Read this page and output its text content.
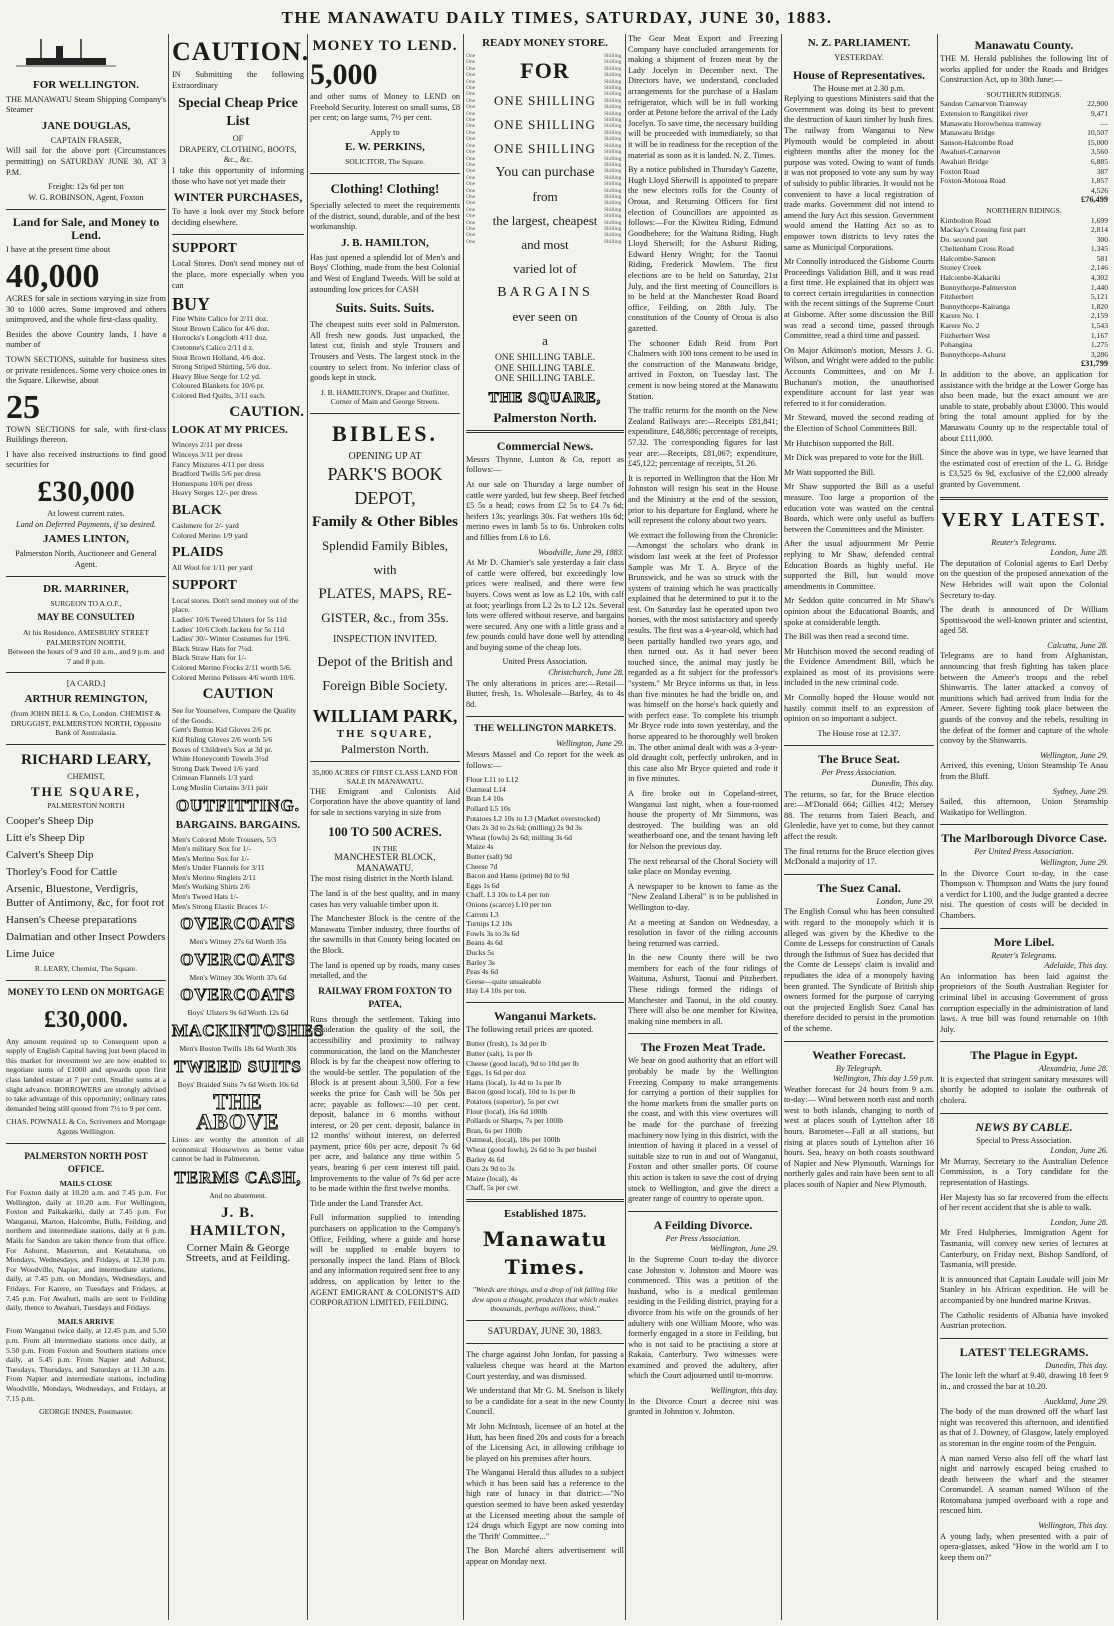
THE MANAWATU DAILY TIMES, SATURDAY, JUNE 30, 1883.
FOR WELLINGTON.

THE MANAWATU Steam Shipping Company's Steamer

JANE DOUGLAS,
CAPTAIN FRASER,

Will sail for the above port (Circumstances permitting) on SATURDAY JUNE 30, AT 3 P.M.

Freight: 12s 6d per ton
W. G. ROBINSON, Agent, Foxton
Land for Sale, and Money to Lend.

I have at the present time about

40,000

ACRES for sale in sections varying in size from 30 to 1000 acres. Some improved and others unimproved, and the whole first-class quality.

Besides the above Country lands, I have a number of

TOWN SECTIONS, suitable for business sites or private residences. Some very choice ones in the Square. Likewise, about

25

TOWN SECTIONS for sale, with first-class Buildings thereon.

I have also received instructions to find good securities for

£30,000
At lowest current rates.
Land on Deferred Payments, if so desired.
JAMES LINTON,
Palmerston North, Auctioneer and General Agent.
DR. MARRINER,
SURGEON TO A.O.F.,
MAY BE CONSULTED
At his Residence, AMESBURY STREET PALMERSTON NORTH,
Between the hours of 9 and 10 a.m., and 9 p.m. and 7 and 8 p.m.
[A CARD.]
ARTHUR REMINGTON,
(from JOHN BELL & Co, London. CHEMIST & DRUGGIST, PALMERSTON NORTH, Opposite Bank of Australasia.
RICHARD LEARY,
CHEMIST,
THE SQUARE,
PALMERSTON NORTH
Cooper's Sheep Dip
Litt e's Sheep Dip
Calvert's Sheep Dip
Thorley's Food for Cattle
Arsenic, Bluestone, Verdigris, Butter of Antimony, &c, for foot rot
Hansen's Cheese preparations
Dalmatian and other Insect Powders
Lime Juice
R. LEARY, Chemist, The Square.
MONEY TO LEND ON MORTGAGE
£30,000.

Any amount required up to Consequent upon a supply of English Capital having just been placed in this market for investment we are now enabled to negotiate sums of £1000 and upwards upon first class landed estate at 7 per cent. Smaller sums at a slight advance. BORROWERS are strongly advised to take advantage of this opportunity; ordinary rates demanded being still quoted from 7½ to 9 per cent.

CHAS. POWNALL & Co, Scriveners and Mortgage Agents Wellington.
PALMERSTON NORTH POST OFFICE.
MAILS CLOSE

For Foxton daily at 10.20 a.m. and 7.45 p.m. For Wellington, daily at 10.20 a.m. For Wellington, Foxton and Paikakariki, daily at 7.45 p.m. For Wanganui, Marton, Halcombe, Bulls, Feilding, and northern and intermediate stations, daily at 6 p.m. Mails for Sandon are taken thence from that office. For Ashurst, Masterton, and Ketatahuna, on Mondays, Wednesdays, and Fridays, at 12.30 p.m. For Woodville, Napier, and intermediate stations, daily, at 7.45 p.m. on Mondays, Wednesdays, and Fridays. For Karere, on Tuesdays and Fridays, at 7.45 p.m. For Awahuri, mails are sent to Feilding daily, thence to Awahuri, Tuesdays and Fridays.

MAILS ARRIVE

From Wanganui twice daily, at 12.45 p.m. and 5.50 p.m. From all intermediate stations once daily, at 5.50 p.m. From Foxton and Southern stations once daily, at 5.45 p.m. From Napier and Ashurst, Tuesdays, Thursdays, and Saturdays at 11.30 a.m. From Napier and intermediate stations, including Woodville, Mondays, Wednesdays, and Fridays, at 7.15 p.m.

GEORGE INNES, Postmaster.
CAUTION.

IN Submitting the following Extraordinary

Special Cheap Price List
OF
DRAPERY, CLOTHING, BOOTS, &c., &c.

I take this opportunity of informing those who have not yet made their

WINTER PURCHASES,

To have a look over my Stock before deciding elsewhere.

SUPPORT

Local Stores. Don't send money out of the place, more especially when you can

BUY
Fine White Calico for 2/11 doz.
Stout Brown Calico for 4/6 doz.
Horrocks's Longcloth 4/11 doz.
Cretonne's Calico 2/11 d z.
Stout Brown Holland, 4/6 doz.
Strong Striped Shirting, 5/6 doz.
Heavy Blue Serge for 1/2 yd.
Coloured Blankets for 10/6 pr.
Colored Bed Quilts, 3/11 each.
CAUTION.
LOOK AT MY PRICES.
Winceys 2/11 per dress
Winceys 3/11 per dress
Fancy Mixtures 4/11 per dress
Bradford Twills 5/6 per dress
Homespuns 10/6 per dress
Heavy Serges 12/- per dress
BLACK
Cashmere for 2/- yard
Colored Merino 1/9 yard
PLAIDS
All Wool for 1/11 per yard
SUPPORT
Local stores. Don't send money out of the place.
Ladies' 10/6 Tweed Ulsters for 5s 11d
Ladies' 10/6 Cloth Jackets for 5s 11d
Ladies' 30/- Winter Costumes for 19/6.
Black Straw Hats for 7½d.
Black Straw Hats for 1/-
Colored Merino Frocks 2/11 worth 5/6.
Colored Merino Pelisses 4/6 worth 10/6.
CAUTION
See for Yourselves, Compare the Quality of the Goods.
Gent's Button Kid Gloves 2/6 pr.
Kid Riding Gloves 2/6 worth 5/6
Boxes of Children's Sox at 3d pr.
White Honeycomb Towels 3½d
Strong Dark Tweed 1/6 yard
Crimean Flannels 1/3 yard
Long Muslin Curtains 3/11 pair
OUTFITTING.
BARGAINS. BARGAINS.
Men's Colored Mole Trousers, 5/3
Men's military Sox for 1/-
Men's Merino Sox for 1/-
Men's Under Flannels for 3/11
Men's Merino Singlets 2/11
Men's Working Shirts 2/6
Men's Tweed Hats 1/-
Men's Strong Elastic Braces 1/-
OVERCOATS
Men's Witney 27s 6d Worth 35s
OVERCOATS
Men's Witney 30s Worth 37s 6d
OVERCOATS
Boys' Ulsters 9s 6d Worth 12s 6d
MACKINTOSHES
Men's Boston Twills 18s 6d Worth 30s
TWEED SUITS
Boys' Braided Suits 7s 6d Worth 10s 6d
THE ABOVE

Lines are worthy the attention of all economical Housewives as better value cannot be had in Palmerston.

TERMS CASH,
And no abatement.
J. B. HAMILTON,
Corner Main & George
Streets, and at Feilding.
MONEY TO LEND.
5,000

and other sums of Money to LEND on Freehold Security. Interest on small sums, £8 per cent; on large sums, 7½ per cent.

Apply to
E. W. PERKINS,
SOLICITOR, The Square.
Clothing! Clothing!

Specially selected to meet the requirements of the district, sound, durable, and of the best workmanship.

J. B. HAMILTON,

Has just opened a splendid lot of Men's and Boys' Clothing, made from the best Colonial and West of England Tweeds. Will be sold at astounding low prices for CASH

Suits. Suits. Suits.

The cheapest suits ever sold in Palmerston. All fresh new goods. Just unpacked, the latest cut, finish and style Trousers and Trousers and Vests. The largest stock in the country to select from. No inferior class of goods kept in stock.

J. B. HAMILTON'S, Draper and Outfitter, Corner of Main and George Streets.
BIBLES.
OPENING UP AT
PARK'S BOOK DEPOT,
Family & Other Bibles
Splendid Family Bibles, with
PLATES, MAPS, RE-
GISTER, &c., from 35s.
INSPECTION INVITED.
Depot of the British and
Foreign Bible Society.
WILLIAM PARK,
THE SQUARE,
Palmerston North.
35,000 ACRES OF FIRST CLASS LAND FOR SALE IN MANAWATU.

THE Emigrant and Colonists Aid Corporation have the above quantity of land for sale in sections varying in size from

100 TO 500 ACRES.
IN THE
MANCHESTER BLOCK, MANAWATU.

The most rising district in the North Island.

The land is of the best quality, and in many cases has very valuable timber upon it.

The Manchester Block is the centre of the Manawatu Timber industry, three fourths of the sawmills in that County being located on the Block.

The land is opened up by roads, many cases metalled, and the

RAILWAY FROM FOXTON TO PATEA,

Runs through the settlement. Taking into consideration the quality of the soil, the accessibility and proximity to railway communication, the land on the Manchester Block is by far the cheapest now offering to the would-be settler. The population of the Block is at present about 3,500. For a few weeks the price for Cash will be 50s per acre; payable as follows:—10 per cent. deposit, balance in 6 months without interest, or 20 per cent. deposit, balance in 12 months' without interest, on deferred payment, price 60s per acre, deposit 7s 6d per acre, and balance any time within 5 years, bearing 6 per cent interest till paid. Improvements to the value of 7s 6d per acre to be made within the first twelve months.

Title under the Land Transfer Act.

Full information supplied to intending purchasers on application to the Company's Office, Feilding, where a guide and horse will be supplied to enable buyers to personally inspect the land. Plans of Block and any information required sent free to any address, on application by letter to the AGENT EMIGRANT & COLONIST'S AID CORPORATION LIMITED, FEILDING.

READY MONEY STORE.
One
One
One
One
One
One
One
One
One
One
One
One
One
One
One
One
One
One
One
One
One
One
One
One
One
One
One
One
One
One
FOR
ONE SHILLING
ONE SHILLING
ONE SHILLING
You can purchase
from
the largest, cheapest
and most
varied lot of
BARGAINS
ever seen on
a
Shilling
Shilling
Shilling
Shilling
Shilling
Shilling
Shilling
Shilling
Shilling
Shilling
Shilling
Shilling
Shilling
Shilling
Shilling
Shilling
Shilling
Shilling
Shilling
Shilling
Shilling
Shilling
Shilling
Shilling
Shilling
Shilling
Shilling
Shilling
Shilling
Shilling
ONE SHILLING TABLE.
ONE SHILLING TABLE.
ONE SHILLING TABLE.
THE SQUARE,
Palmerston North.
Commercial News.

Messrs Thynne, Lunton & Co, report as follows:—

At our sale on Thursday a large number of cattle were yarded, but few sheep. Beef fetched £5 5s a head; cows from £2 5s to £4 7s 6d; heifers 13s; yearlings 30s. Fat wethers 10s 6d; merino ewes in lamb 5s to 6s. Unbroken colts and fillies from L6 to L6.

Woodville, June 29, 1883.

At Mr D. Chamier's sale yesterday a fair class of cattle were offered, but exceedingly low prices were realised, and there were few buyers. Cows went as low as L2 10s, with calf at foot; yearlings from L2 2s to L2 12s. Several lots were offered without reserve, and bargains were secured. Any one with a little grass and a few pounds could have done well by attending and buying some of the cheap lots.

United Press Association.
Christchurch, June 28.

The only alterations in prices are:—Retail—Butter, fresh, 1s. Wholesale—Barley, 4s to 4s 8d.

THE WELLINGTON MARKETS.
Wellington, June 29.

Messrs Massel and Co report for the week as follows:—

Flour L11 to L12
Oatmeal L14
Bran L4 10s
Pollard L5 10s
Potatoes L2 10s to L3 (Market overstocked)
Oats 2s 3d to 2s 6d; (milling) 2s 9d 3s
Wheat (fowls) 2s 6d; milling 3s 6d
Maize 4s
Butter (salt) 9d
Cheese 7d
Bacon and Hams (prime) 8d to 9d
Eggs 1s 6d
Chaff, L3 10s to L4 per ton
Onions (scarce) L10 per ton
Carrots L3
Turnips L2 10s
Fowls 3s to 3s 6d
Beans 4s 6d
Ducks 5s
Barley 3s
Peas 4s 6d
Geese—quite unsaleable
Hay L4 10s per ton.
Wanganui Markets.

The following retail prices are quoted.

Butter (fresh), 1s 3d per lb
Butter (salt), 1s per lb
Cheese (good local), 9d to 10d per lb
Eggs, 1s 6d per doz
Hams (local), 1s 4d to 1s per lb
Bacon (good local), 10d to 1s per lb
Potatoes (superior), 5s per cwt
Flour (local), 16s 6d 100lb
Pollards or Sharps, 7s per 100lb
Bran, 6s per 100lb
Oatmeal, (local), 18s per 100lb
Wheat (good fowls), 2s 6d to 3s per bushel
Barley 4s 6d
Oats 2s 9d to 3s
Maize (local), 4s
Chaff, 5s per cwt
Established 1875.
Manawatu Times.
"Words are things, and a drop of ink falling like dew upon a thought, produces that which makes thousands, perhaps millions, think."
SATURDAY, JUNE 30, 1883.

The charge against John Jordan, for passing a valueless cheque was heard at the Marton Court yesterday, and was dismissed.

We understand that Mr G. M. Snelson is likely to be a candidate for a seat in the new County Council.

Mr John McIntosh, licensee of an hotel at the Hutt, has been fined 20s and costs for a breach of the Licensing Act, in allowing cribbage to be played on his premises after hours.

The Wanganui Herald thus alludes to a subject which it has been said has a reference to the high rate of lunacy in that district:—"No question seemed to have been asked yesterday at the Licensed meeting about the sample of 124 drugs which Egypt are now coming into the 'Thrift' Committee..."

The Bon Marché alters advertisement will appear on Monday next.

The Gear Meat Export and Freezing Company have concluded arrangements for making a shipment of frozen meat by the Lady Jocelyn in December next. The Directors have, we understand, concluded arrangements for the purchase of a Haslam refrigerator, which will be in full working order at Petone before the arrival of the Lady Jocelyn. To save time, the necessary building will be proceeded with immediately, so that it will be in readiness for the reception of the material as soon as it is landed. N. Z. Times.

By a notice published in Thursday's Gazette, Hugh Lloyd Sherwill is appointed to prepare the new electors rolls for the County of Oroua, and Returning Officers for first election of Councillors are appointed as follows:—For the Kiwitea Riding, Edmund Goodbehere; for the Waituna Riding, Hugh Lloyd Sherwill; for the Ashurst Riding, Edward Henry Wright; for the Taonui Riding, Frederick Mowlem. The first elections are to be held on Saturday, 21st July, and the first meeting of Councillors is to be held at the Manchester Road Board office, Feilding, on 28th July. The constitution of the County of Oroua is also gazetted.

The schooner Edith Reid from Port Chalmers with 100 tons cement to be used in the construction of the Manawatu bridge, arrived in Foxton, on Tuesday last. The cement is now being stored at the Manawatu Station.

The traffic returns for the month on the New Zealand Railways are:—Receipts £81,841; expenditure, £48,886; percentage of receipts, 57.32. The corresponding figures for last year are:—Receipts, £81,067; expenditure, £45,122; percentage of receipts, 51.26.

It is reported in Wellington that the Hon Mr Johnston will resign his seat in the House and the Ministry at the end of the session, prior to his departure for England, where he will represent the colony about two years.

We extract the following from the Chronicle:—Amongst the scholars who drank in wisdom last week at the feet of Professor Sample was Mr T. A. Bryce of the Brunswick, and he was so struck with the system of training which he was practically explained that he determined to put it to the test. On Saturday last he operated upon two horses, with the most satisfactory and speedy results. The first was a 4-year-old, which had been partially handled two years ago, and then turned out. As it had never been touched since, the animal may justly be regarded as a fit subject for the professor's "system." Mr Bryce informs us that, in less than five minutes he had the bridle on, and was himself on the horse's back quietly and with perfect ease. To complete his triumph Mr Bryce rode into town yesterday, and the horse appeared to be thoroughly well broken in. The other animal dealt with was a 3-year-old draught colt, perfectly unbroken, and in this case also Mr Bryce quieted and rode it in five minutes.

A fire broke out in Copeland-street, Wanganui last night, when a four-roomed house the property of Mr Simmons, was destroyed. The building was an old weatherboard one, and the tenant having left for Nelson the previous day.

The next rehearsal of the Choral Society will take place on Monday evening.

A newspaper to be known to fame as the "New Zealand Liberal" is to be published in Wellington to-day.

At a meeting at Sandon on Wednesday, a resolution in favor of the riding accounts being returned was carried.

In the new County there will be two members for each of the four ridings of Waituna, Ashurst, Taonui and Pitzherbert. These ridings formed the ridings of Manchester and Taonui, in the old county. There will also be one member for Kiwitea, making nine members in all.

The Frozen Meat Trade.

We hear on good authority that an effort will probably be made by the Wellington Freezing Company to make arrangements for carrying a portion of their supplies for the home markets from the smaller ports on the coast, and with this view overtures will be made for the purchase of freezing machinery now lying in this district, with the intention of having it placed in a vessel of suitable size to run in and out of Wanganui, Foxton and other smaller ports. Of course this action is taken to save the cost of drying stock to Wellington, and give the direct a greater range of country to operate upon.

A Feilding Divorce.
Per Press Association.
Wellington, June 29.

In the Supreme Court to-day the divorce case Johnston v. Johnston and Moore was commenced. This was a petition of the husband, who is a medical gentleman residing in the Feilding district, praying for a divorce from his wife on the grounds of her adultery with one William Moore, who was formerly engaged in a store in Feilding, but who is not said to be practising a store at Rakaia, Canterbury. Two witnesses were examined and proved the adultery, after which the Court adjourned until to-morrow.

Wellington, this day.

In the Divorce Court a decree nisi was granted in Johnston v. Johnston.

N. Z. PARLIAMENT.
YESTERDAY.
House of Representatives.
The House met at 2.30 p.m.

Replying to questions Ministers said that the Government was doing its best to prevent the destruction of kauri timber by bush fires. The railway from Wanganui to New Plymouth would be completed in about eighteen months after the money for the purpose was voted. Owing to want of funds it was not proposed to vote any sum by way of subsidy to public libraries. It would not be convenient to have a local registration of trade marks. Government did not intend to amend the Jury Act this session. Government would amend the Hatting Act so as to empower town districts to levy rates the same as Municipal Corporations.

Mr Connolly introduced the Gisborne Courts Proceedings Validation Bill, and it was read a first time. He explained that its object was to correct certain irregularities in connection with the recent sittings of the Supreme Court at Gisborne. After some discussion the Bill was read a second time, passed through Committee, read a third time and passed.

On Major Atkinson's motion, Messrs J. G. Wilson, and Wright were added to the public Accounts Committees, and on Mr J. Buchanan's motion, the unauthorised expenditure account for last year was referred to it for consideration.

Mr Steward, moved the second reading of the Election of School Committees Bill.

Mr Hutchison supported the Bill.

Mr Dick was prepared to vote for the Bill.

Mr Watt supported the Bill.

Mr Shaw supported the Bill as a useful measure. Too large a proportion of the education vote was wasted on the central Boards, which were only useful as buffers between the Committees and the Minister.

After the usual adjournment Mr Petrie replying to Mr Shaw, defended central Education Boards as highly useful. He supported the Bill, but would move amendments in Committee.

Mr Seddon quite concurred in Mr Shaw's opinion about the Educational Boards, and spoke at considerable length.

The Bill was then read a second time.

Mr Hutchison moved the second reading of the Evidence Amendment Bill, which he explained as most of its provisions were included in the new criminal code.

Mr Connolly hoped the House would not hastily commit itself to an expression of opinion on so important a subject.

The House rose at 12.37.
The Bruce Seat.
Per Press Association.
Dunedin, This day.

The returns, so far, for the Bruce election are:—M'Donald 664; Gillies 412; Mersey 88. The returns from Taieri Beach, and Glenledie, have yet to come, but they cannot affect the result.

The final returns for the Bruce election gives McDonald a majority of 17.

The Suez Canal.
London, June 29.

The English Consul who has been consulted with regard to the monopoly which it is alleged was given by the Khedive to the Comte de Lesseps for construction of Canals through the Isthmus of Suez has decided that the Comte de Lesseps' claim is invalid and repudiates the idea of a monopoly having been granted. The Syndicate of British ship owners formed for the purpose of carrying out the projected English Suez Canal has therefore decided to persist in the promotion of the scheme.

Weather Forecast.
By Telegraph.
Wellington, This day 1.59 p.m.

Weather forecast for 24 hours from 9 a.m. to-day:— Wind between north east and north west to both islands, changing to north of west at places south of Lyttelton after 18 hours. Barometer—Fall at all stations, but rising at places south of Lyttelton after 16 hours. Sea, heavy on both coasts southward of Napier and New Plymouth. Warnings for northerly gales and rain have been sent to all places south of Napier and New Plymouth.

Manawatu County.

THE M. Herald publishes the following list of works applied for under the Roads and Bridges Construction Act, up to 30th June:—

SOUTHERN RIDINGS.
Sandon Carnarvon Tramway	22,900
Extension to Rangitikei river	9,471
Manawatu Horowhenua tramway	—
Manawatu Bridge	10,507
Sanson-Halcombe Road	15,000
Awahuri-Carnarvon	3,560
Awahuri Bridge	6,885
Foxton Road	387
Foxton-Motoua Road	1,857
4,526
£76,499
NORTHERN RIDINGS.
Kimbolton Road	1,699
Mackay's Crossing first part	2,814
Do. second part	300
Cheltenham Cross Road	1,345
Halcombe-Sanson	581
Stoney Creek	2,146
Halcombe-Kakariki	4,302
Bunnythorpe-Palmerston	1,440
Fitzherbert	5,121
Bunnythorpe-Kairanga	1,820
Karere No. 1	2,159
Karere No. 2	1,543
Fitzherbert West	1,167
Pohangina	1,275
Bunnythorpe-Ashurst	3,286
£31,799

In addition to the above, an application for assistance with the bridge at the Lower Gorge has also been made, but the exact amount we are unable to state, probably about £3000. This would bring the total amount applied for by the Manawatu County up to the respectable total of about £111,000.

Since the above was in type, we have learned that the estimated cost of erection of the L. G. Bridge is £3,525 6s 9d, exclusive of the £2,000 already granted by Government.

VERY LATEST.
Reuter's Telegrams.
London, June 28.

The deputation of Colonial agents to Earl Derby on the question of the proposed annexation of the New Hebrides will wait upon the Colonial Secretary to-day.

The death is announced of Dr William Spottiswood the well-known printer and scientist, aged 58.

Calcutta, June 28.

Telegrams are to hand from Afghanistan, announcing that fresh fighting has taken place between the Ameer's troops and the rebel Shinwarris. The latter attacked a convoy of munitions which had arrived from India for the Ameer. Severe fighting took place between the guards of the convoy and the rebels, resulting in the defeat of the former and capture of the whole convoy by the Shinwarris.

Wellington, June 29.

Arrived, this evening, Union Steamship Te Anau from the Bluff.

Sydney, June 29.

Sailed, this afternoon, Union Steamship Waikatipo for Wellington.

The Marlborough Divorce Case.
Per United Press Association.
Wellington, June 29.

In the Divorce Court to-day, in the case Thompson v. Thompson and Watts the jury found a verdict for L100, and the Judge granted a decree nisi. The question of costs will be decided in Chambers.

More Libel.
Reuter's Telegrams.
Adelaide, This day.

An information has been laid against the proprietors of the South Australian Register for criminal libel in accusing Government of gross corruption especially in the administration of land laws. A true bill was found returnable on 10th July.

The Plague in Egypt.
Alexandria, June 28.

It is expected that stringent sanitary measures will shortly be adopted to isolate the outbreak of cholera.

NEWS BY CABLE.
Special to Press Association.
London, June 26.

Mr Murray, Secretary to the Australian Defence Commission, is a Tory candidate for the representation of Hastings.

Her Majesty has so far recovered from the effects of her recent accident that she is able to walk.

London, June 28.

Mr Fred Hulpheries, Immigration Agent for Tasmania, will convey new series of lectures at Canterbury, on Friday next, Bishop Sandford, of Tasmania, will preside.

It is announced that Captain Loudale will join Mr Stanley in his African expedition. He will be accompanied by one hundred marine Kruvas.

The Catholic residents of Albania have invoked Austrian protection.

LATEST TELEGRAMS.
Dunedin, This day.

The Ionic left the wharf at 9.40, drawing 18 feet 9 in., and crossed the bar at 10.20.

Auckland, June 29.

The body of the man drowned off the wharf last night was recovered this afternoon, and identified as that of J. Downey, of Glasgow, lately employed as storeman in the engine room of the Penguin.

A man named Verso also fell off the wharf last night and narrowly escaped being crushed to death between the wharf and the steamer Coromandel. A seaman named Wilson of the Rotomahana jumped overboard with a rope and rescued him.

Wellington, This day.

A young lady, when presented with a pair of opera-glasses, asked "How in the world am I to keep them on?"
